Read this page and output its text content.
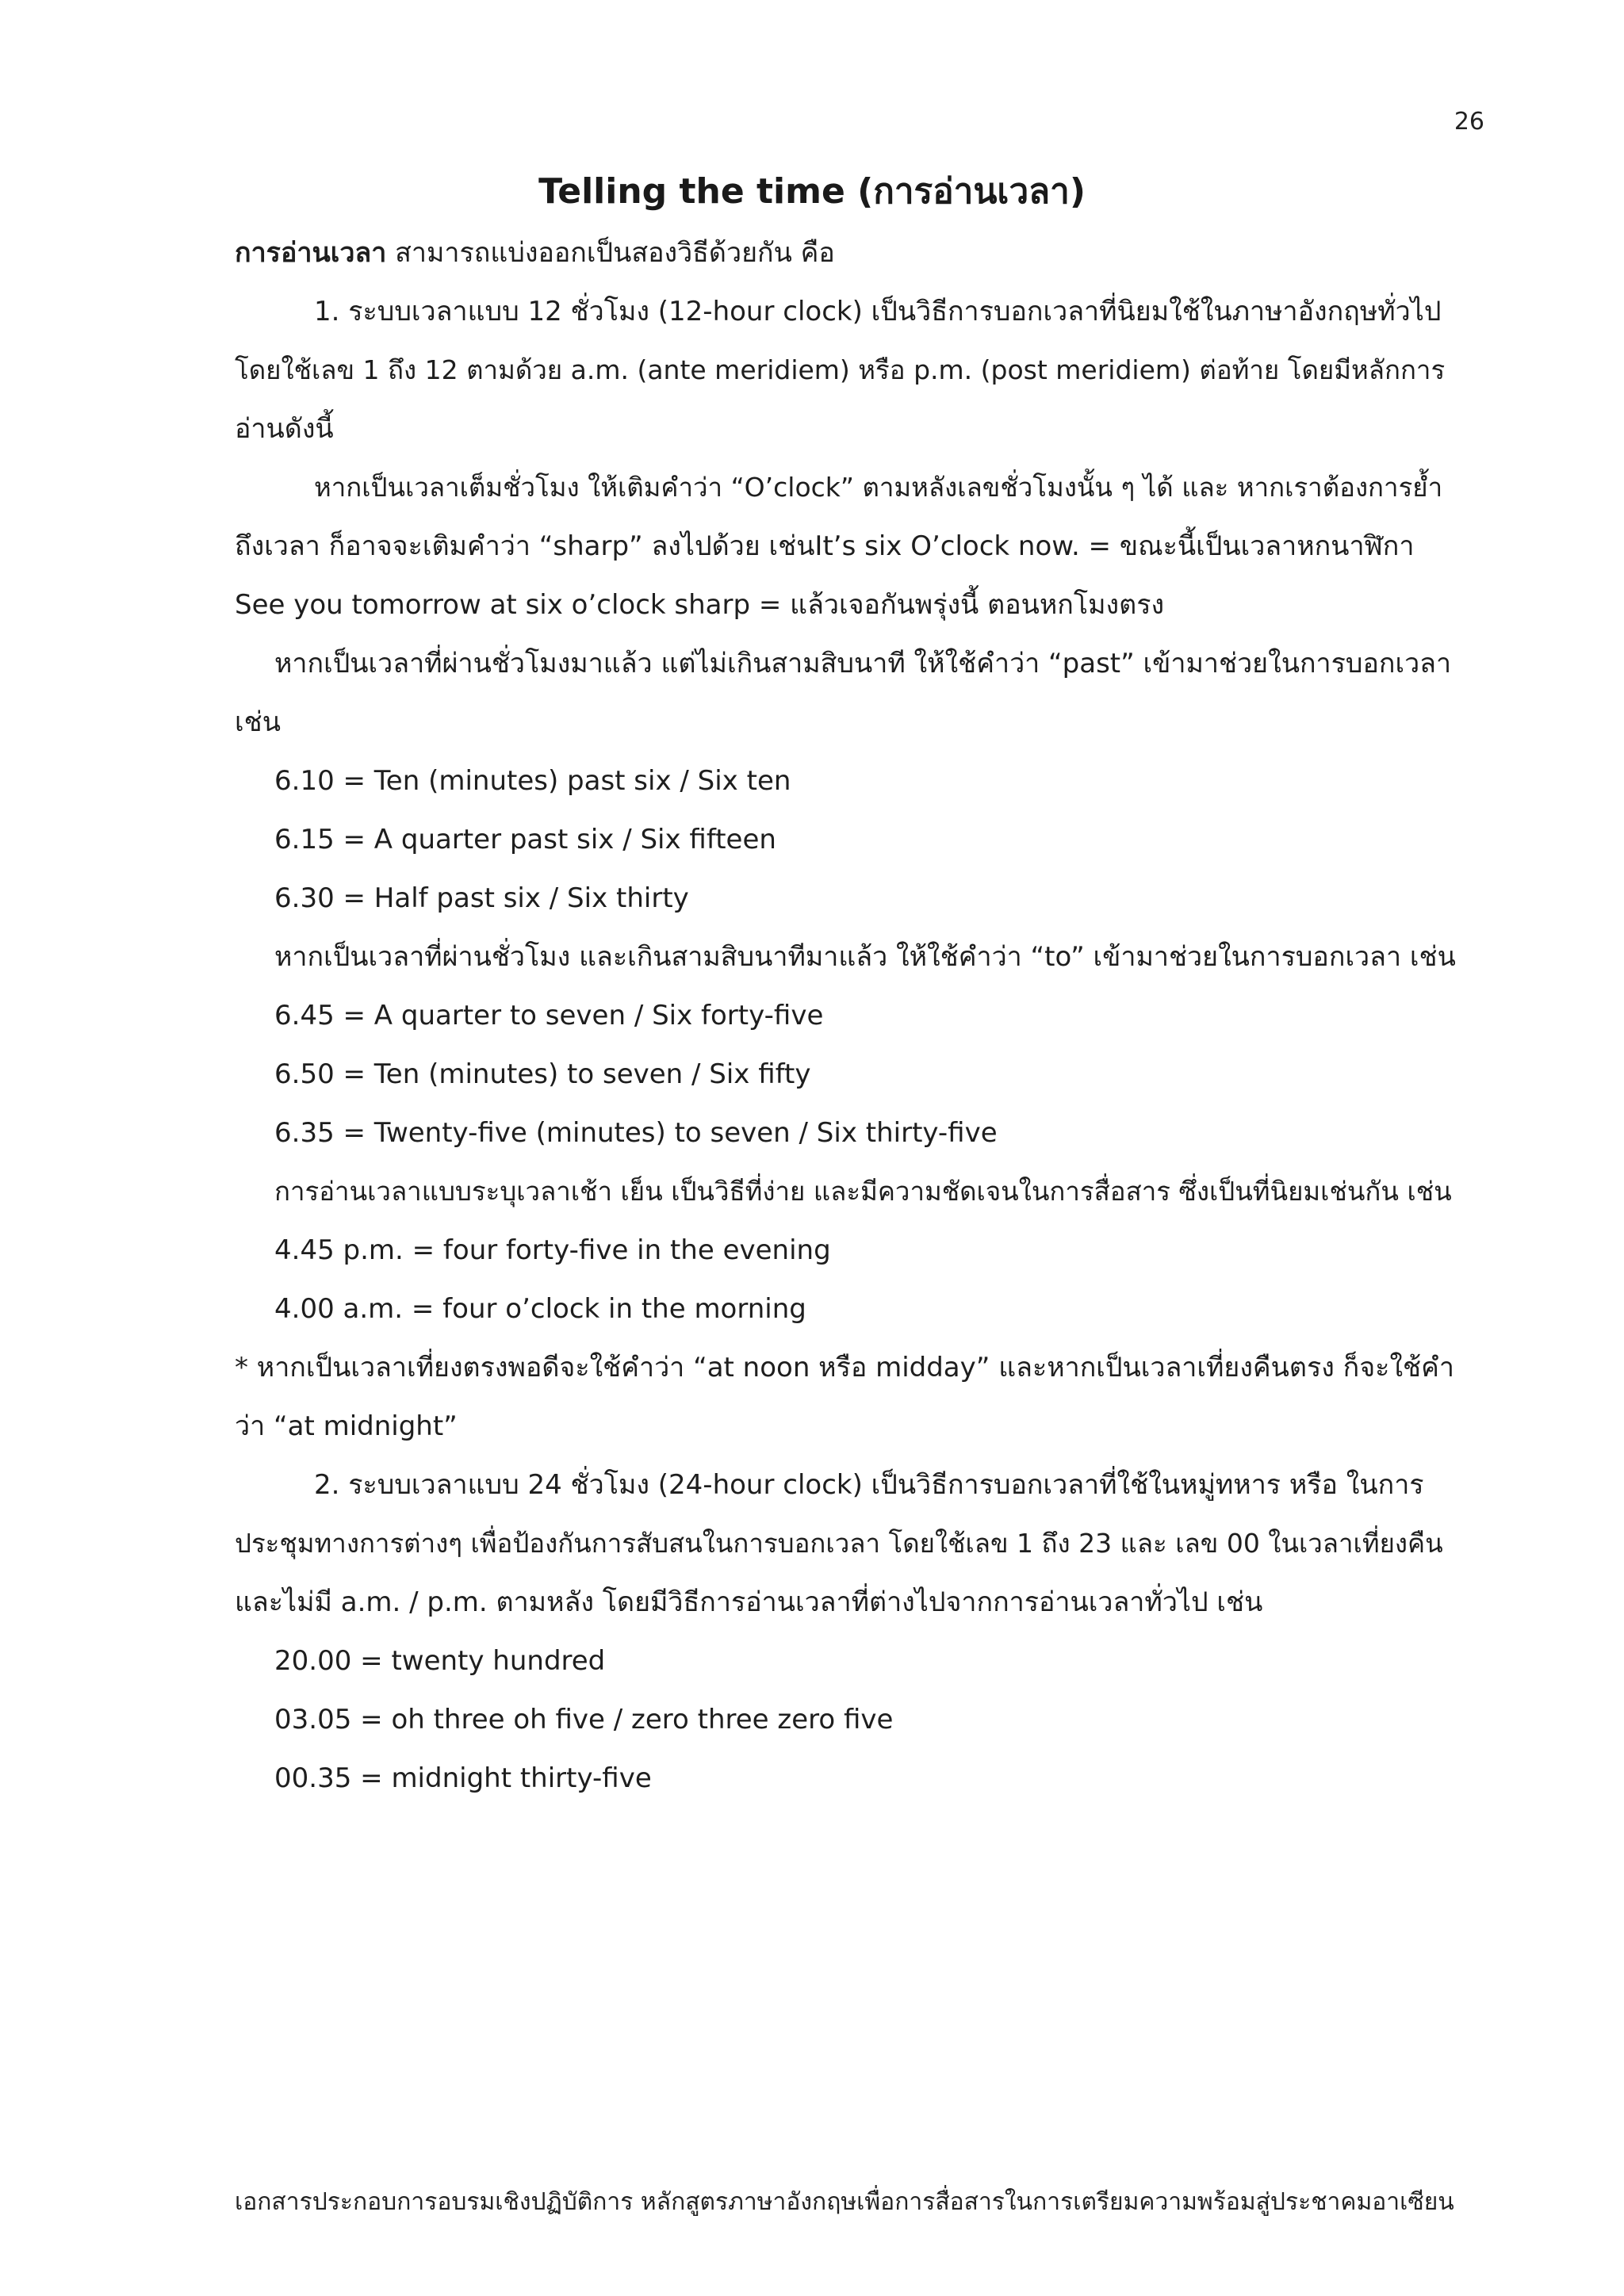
26
Telling the time (การอ่านเวลา)
การอ่านเวลา สามารถแบ่งออกเป็นสองวิธีด้วยกัน คือ
1. ระบบเวลาแบบ 12 ชั่วโมง (12-hour clock) เป็นวิธีการบอกเวลาที่นิยมใช้ในภาษาอังกฤษทั่วไป
โดยใช้เลข 1 ถึง 12 ตามด้วย a.m. (ante meridiem) หรือ p.m. (post meridiem) ต่อท้าย โดยมีหลักการ
อ่านดังนี้
หากเป็นเวลาเต็มชั่วโมง ให้เติมคำว่า “O’clock” ตามหลังเลขชั่วโมงนั้น ๆ ได้ และ หากเราต้องการย้ำ
ถึงเวลา ก็อาจจะเติมคำว่า “sharp” ลงไปด้วย เช่นIt’s six O’clock now. = ขณะนี้เป็นเวลาหกนาฬิกา
See you tomorrow at six o’clock sharp = แล้วเจอกันพรุ่งนี้ ตอนหกโมงตรง
หากเป็นเวลาที่ผ่านชั่วโมงมาแล้ว แต่ไม่เกินสามสิบนาที ให้ใช้คำว่า “past” เข้ามาช่วยในการบอกเวลา
เช่น
6.10 = Ten (minutes) past six / Six ten
6.15 = A quarter past six / Six fifteen
6.30 = Half past six / Six thirty
หากเป็นเวลาที่ผ่านชั่วโมง และเกินสามสิบนาทีมาแล้ว ให้ใช้คำว่า “to” เข้ามาช่วยในการบอกเวลา เช่น
6.45 = A quarter to seven / Six forty-five
6.50 = Ten (minutes) to seven / Six fifty
6.35 = Twenty-five (minutes) to seven / Six thirty-five
การอ่านเวลาแบบระบุเวลาเช้า เย็น เป็นวิธีที่ง่าย และมีความชัดเจนในการสื่อสาร ซึ่งเป็นที่นิยมเช่นกัน เช่น
4.45 p.m. = four forty-five in the evening
4.00 a.m. = four o’clock in the morning
* หากเป็นเวลาเที่ยงตรงพอดีจะใช้คำว่า “at noon หรือ midday” และหากเป็นเวลาเที่ยงคืนตรง ก็จะใช้คำ
ว่า “at midnight”
2. ระบบเวลาแบบ 24 ชั่วโมง (24-hour clock) เป็นวิธีการบอกเวลาที่ใช้ในหมู่ทหาร หรือ ในการ
ประชุมทางการต่างๆ เพื่อป้องกันการสับสนในการบอกเวลา โดยใช้เลข 1 ถึง 23 และ เลข 00 ในเวลาเที่ยงคืน
และไม่มี a.m. / p.m. ตามหลัง โดยมีวิธีการอ่านเวลาที่ต่างไปจากการอ่านเวลาทั่วไป เช่น
20.00 = twenty hundred
03.05 = oh three oh five / zero three zero five
00.35 = midnight thirty-five
เอกสารประกอบการอบรมเชิงปฏิบัติการ หลักสูตรภาษาอังกฤษเพื่อการสื่อสารในการเตรียมความพร้อมสู่ประชาคมอาเซียน
